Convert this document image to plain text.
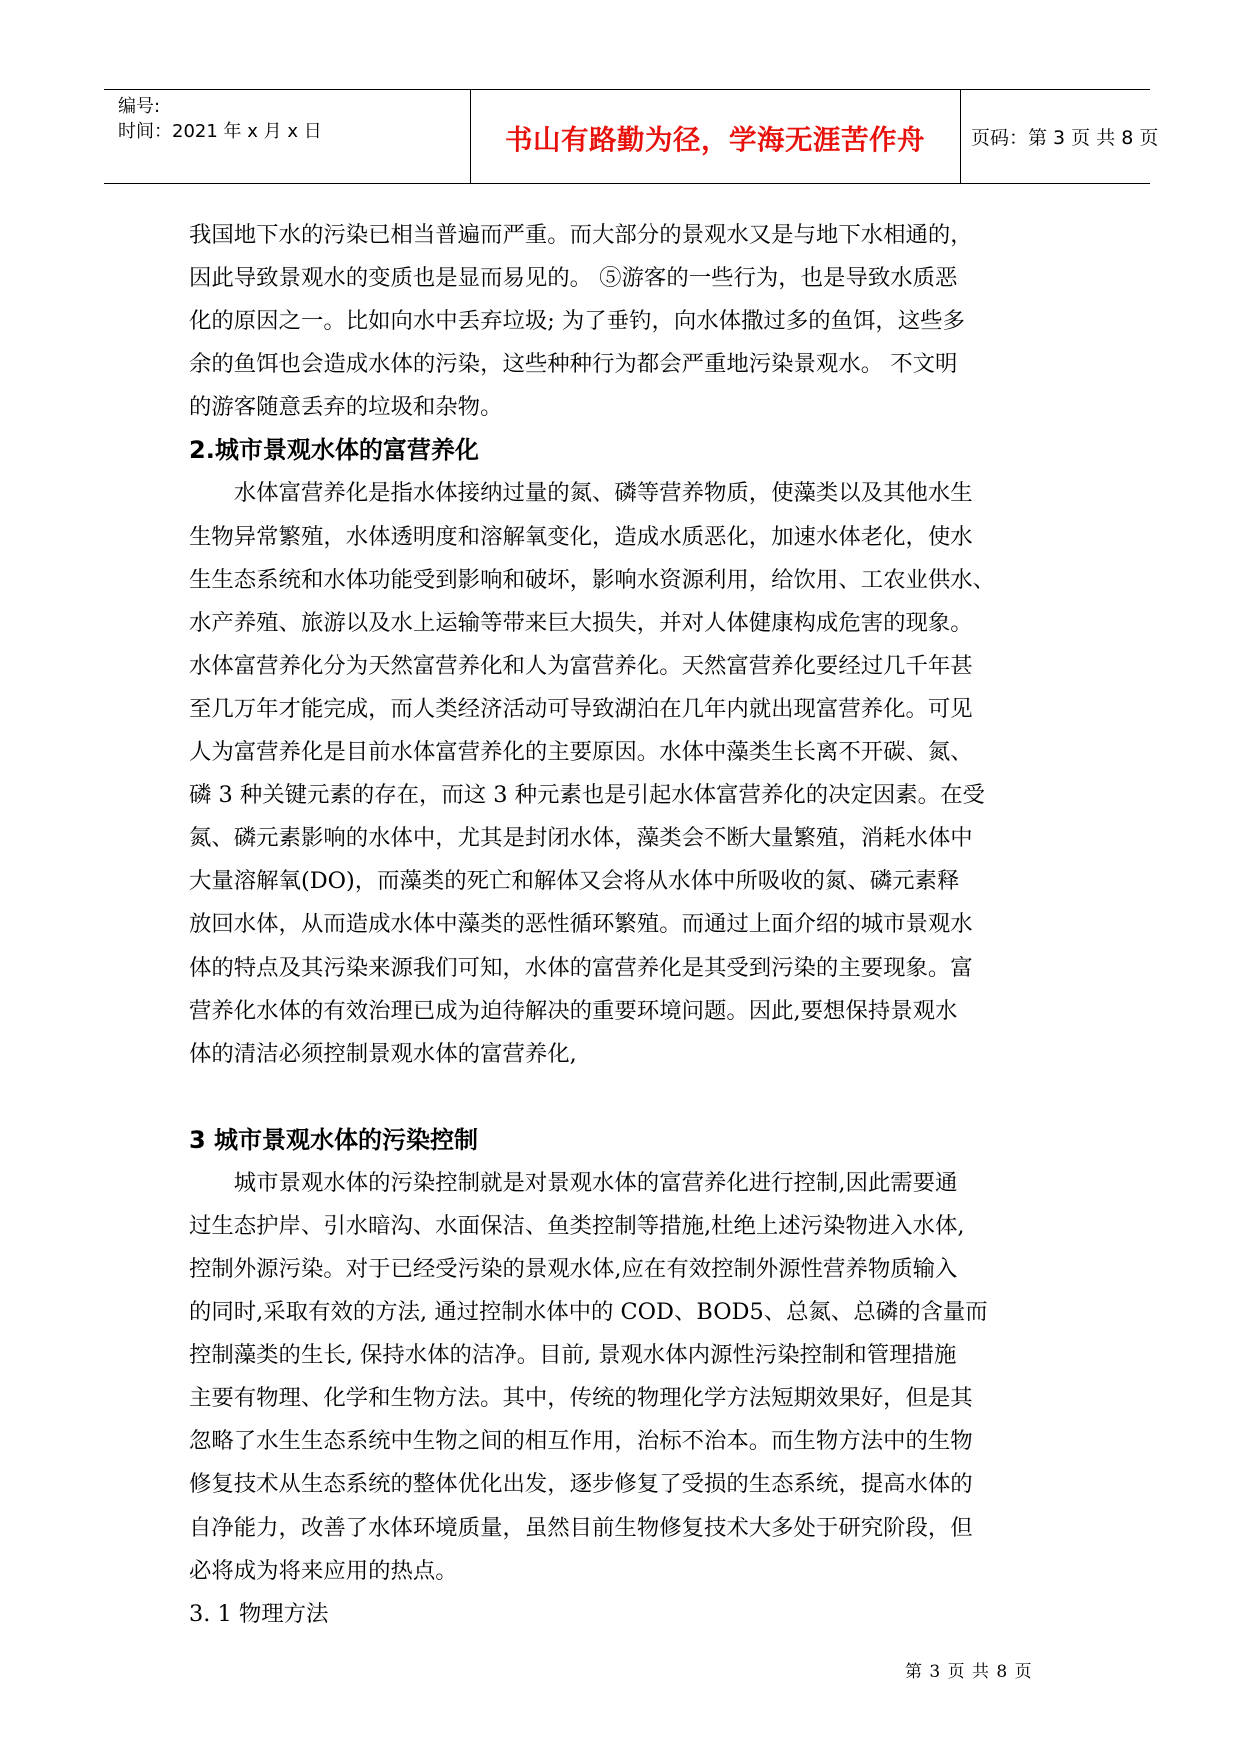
编号:
时间：2021 年 x 月 x 日	书山有路勤为径，学海无涯苦作舟	页码：第 3 页 共 8 页

我国地下水的污染已相当普遍而严重。而大部分的景观水又是与地下水相通的，
因此导致景观水的变质也是显而易见的。 ⑤游客的一些行为，也是导致水质恶
化的原因之一。比如向水中丢弃垃圾; 为了垂钓，向水体撒过多的鱼饵，这些多
余的鱼饵也会造成水体的污染，这些种种行为都会严重地污染景观水。 不文明
的游客随意丢弃的垃圾和杂物。

2.城市景观水体的富营养化

　　水体富营养化是指水体接纳过量的氮、磷等营养物质，使藻类以及其他水生
生物异常繁殖，水体透明度和溶解氧变化，造成水质恶化，加速水体老化，使水
生生态系统和水体功能受到影响和破坏，影响水资源利用，给饮用、工农业供水、
水产养殖、旅游以及水上运输等带来巨大损失，并对人体健康构成危害的现象。
水体富营养化分为天然富营养化和人为富营养化。天然富营养化要经过几千年甚
至几万年才能完成，而人类经济活动可导致湖泊在几年内就出现富营养化。可见
人为富营养化是目前水体富营养化的主要原因。水体中藻类生长离不开碳、氮、
磷 3 种关键元素的存在，而这 3 种元素也是引起水体富营养化的决定因素。在受
氮、磷元素影响的水体中，尤其是封闭水体，藻类会不断大量繁殖，消耗水体中
大量溶解氧(DO)，而藻类的死亡和解体又会将从水体中所吸收的氮、磷元素释
放回水体，从而造成水体中藻类的恶性循环繁殖。而通过上面介绍的城市景观水
体的特点及其污染来源我们可知，水体的富营养化是其受到污染的主要现象。富
营养化水体的有效治理已成为迫待解决的重要环境问题。因此,要想保持景观水
体的清洁必须控制景观水体的富营养化,

3 城市景观水体的污染控制

　　城市景观水体的污染控制就是对景观水体的富营养化进行控制,因此需要通
过生态护岸、引水暗沟、水面保洁、鱼类控制等措施,杜绝上述污染物进入水体,
控制外源污染。对于已经受污染的景观水体,应在有效控制外源性营养物质输入
的同时,采取有效的方法, 通过控制水体中的 COD、BOD5、总氮、总磷的含量而
控制藻类的生长, 保持水体的洁净。目前, 景观水体内源性污染控制和管理措施
主要有物理、化学和生物方法。其中，传统的物理化学方法短期效果好，但是其
忽略了水生生态系统中生物之间的相互作用，治标不治本。而生物方法中的生物
修复技术从生态系统的整体优化出发，逐步修复了受损的生态系统，提高水体的
自净能力，改善了水体环境质量，虽然目前生物修复技术大多处于研究阶段，但
必将成为将来应用的热点。

3. 1 物理方法

第 3 页 共 8 页
